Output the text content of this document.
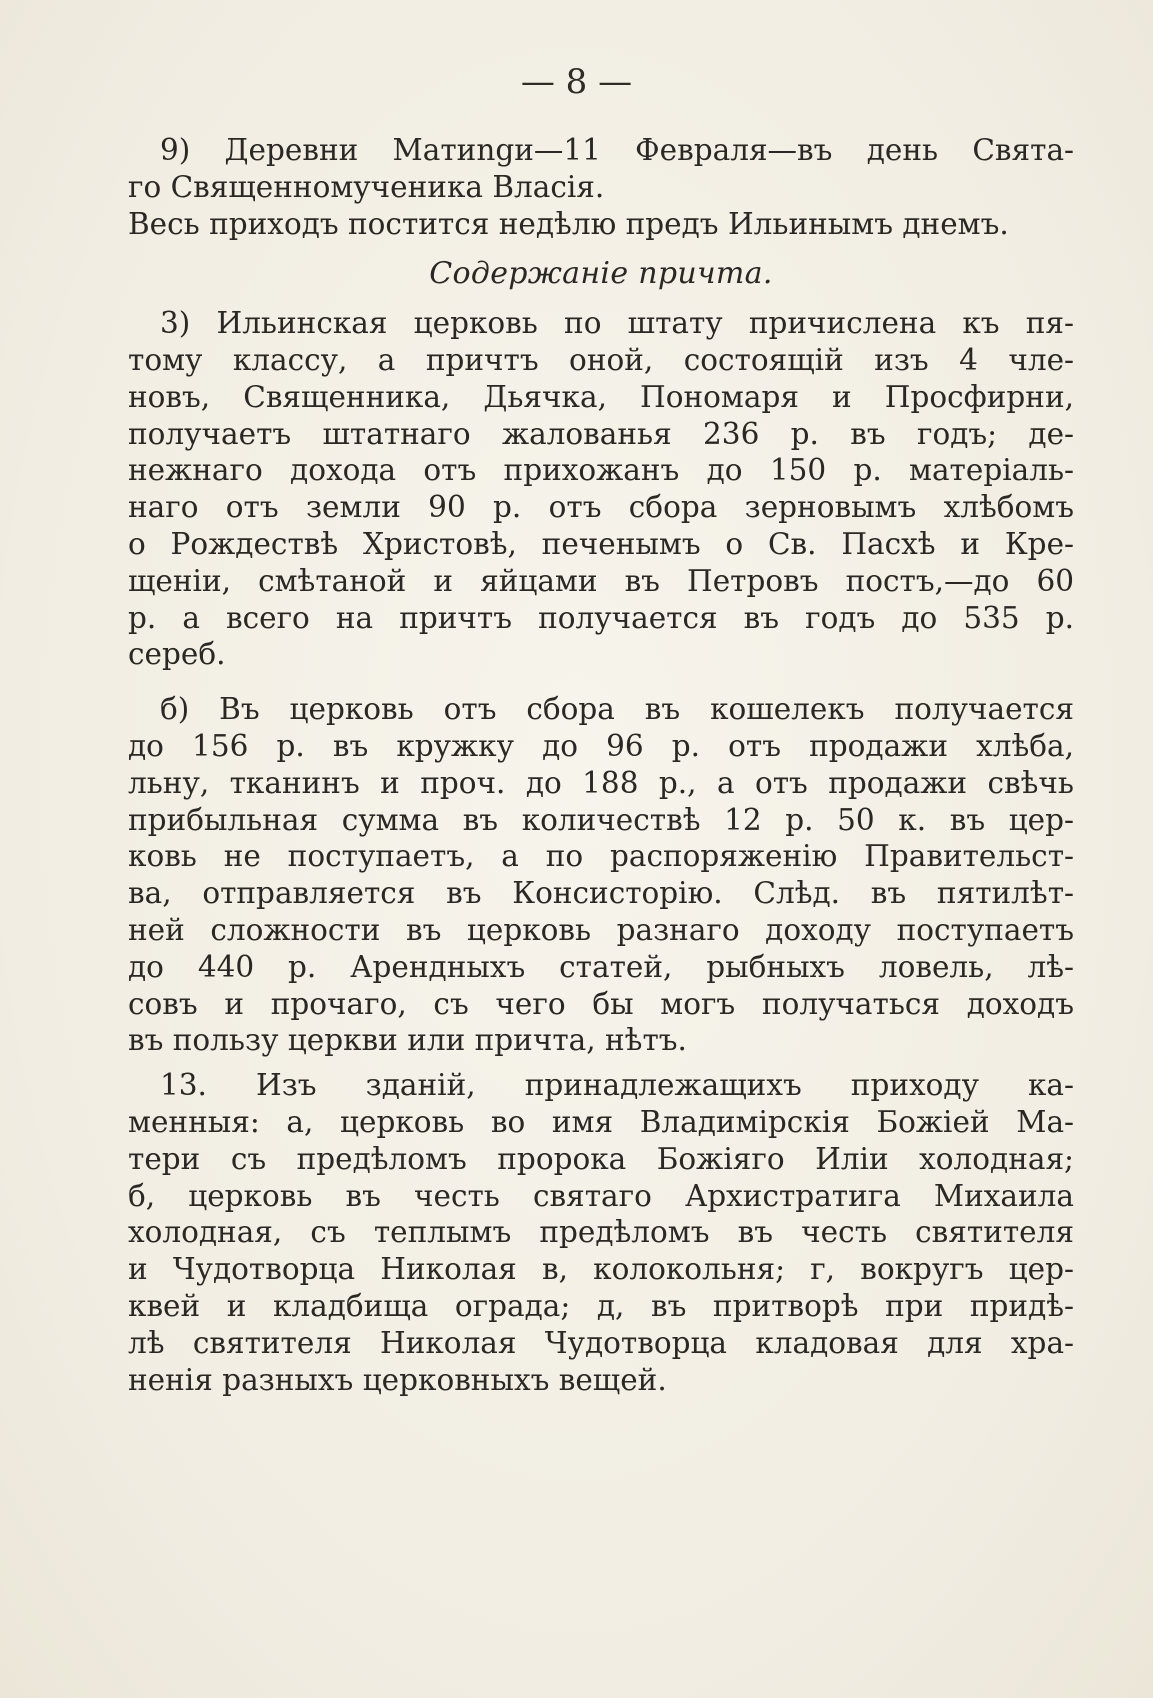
— 8 —
9) Деревни Матиngи—11 Февраля—въ день Свята-
го Священномученика Власія.
Весь приходъ постится недѣлю предъ Ильинымъ днемъ.
Содержаніе причта.
3) Ильинская церковь по штату причислена къ пя-
тому классу, а причтъ оной, состоящій изъ 4 чле-
новъ, Священника, Дьячка, Пономаря и Просфирни,
получаетъ штатнаго жалованья 236 р. въ годъ; де-
нежнаго дохода отъ прихожанъ до 150 р. матеріаль-
наго отъ земли 90 р. отъ сбора зерновымъ хлѣбомъ
о Рождествѣ Христовѣ, печенымъ о Св. Пасхѣ и Кре-
щеніи, смѣтаной и яйцами въ Петровъ постъ,—до 60
р. а всего на причтъ получается въ годъ до 535 р.
сереб.
б) Въ церковь отъ сбора въ кошелекъ получается
до 156 р. въ кружку до 96 р. отъ продажи хлѣба,
льну, тканинъ и проч. до 188 р., а отъ продажи свѣчь
прибыльная сумма въ количествѣ 12 р. 50 к. въ цер-
ковь не поступаетъ, а по распоряженію Правительст-
ва, отправляется въ Консисторію. Слѣд. въ пятилѣт-
ней сложности въ церковь разнаго доходу поступаетъ
до 440 р. Арендныхъ статей, рыбныхъ ловель, лѣ-
совъ и прочаго, съ чего бы могъ получаться доходъ
въ пользу церкви или причта, нѣтъ.
13. Изъ зданій, принадлежащихъ приходу ка-
менныя: а, церковь во имя Владимірскія Божіей Ма-
тери съ предѣломъ пророка Божіяго Иліи холодная;
б, церковь въ честь святаго Архистратига Михаила
холодная, съ теплымъ предѣломъ въ честь святителя
и Чудотворца Николая в, колокольня; г, вокругъ цер-
квей и кладбища ограда; д, въ притворѣ при придѣ-
лѣ святителя Николая Чудотворца кладовая для хра-
ненія разныхъ церковныхъ вещей.
